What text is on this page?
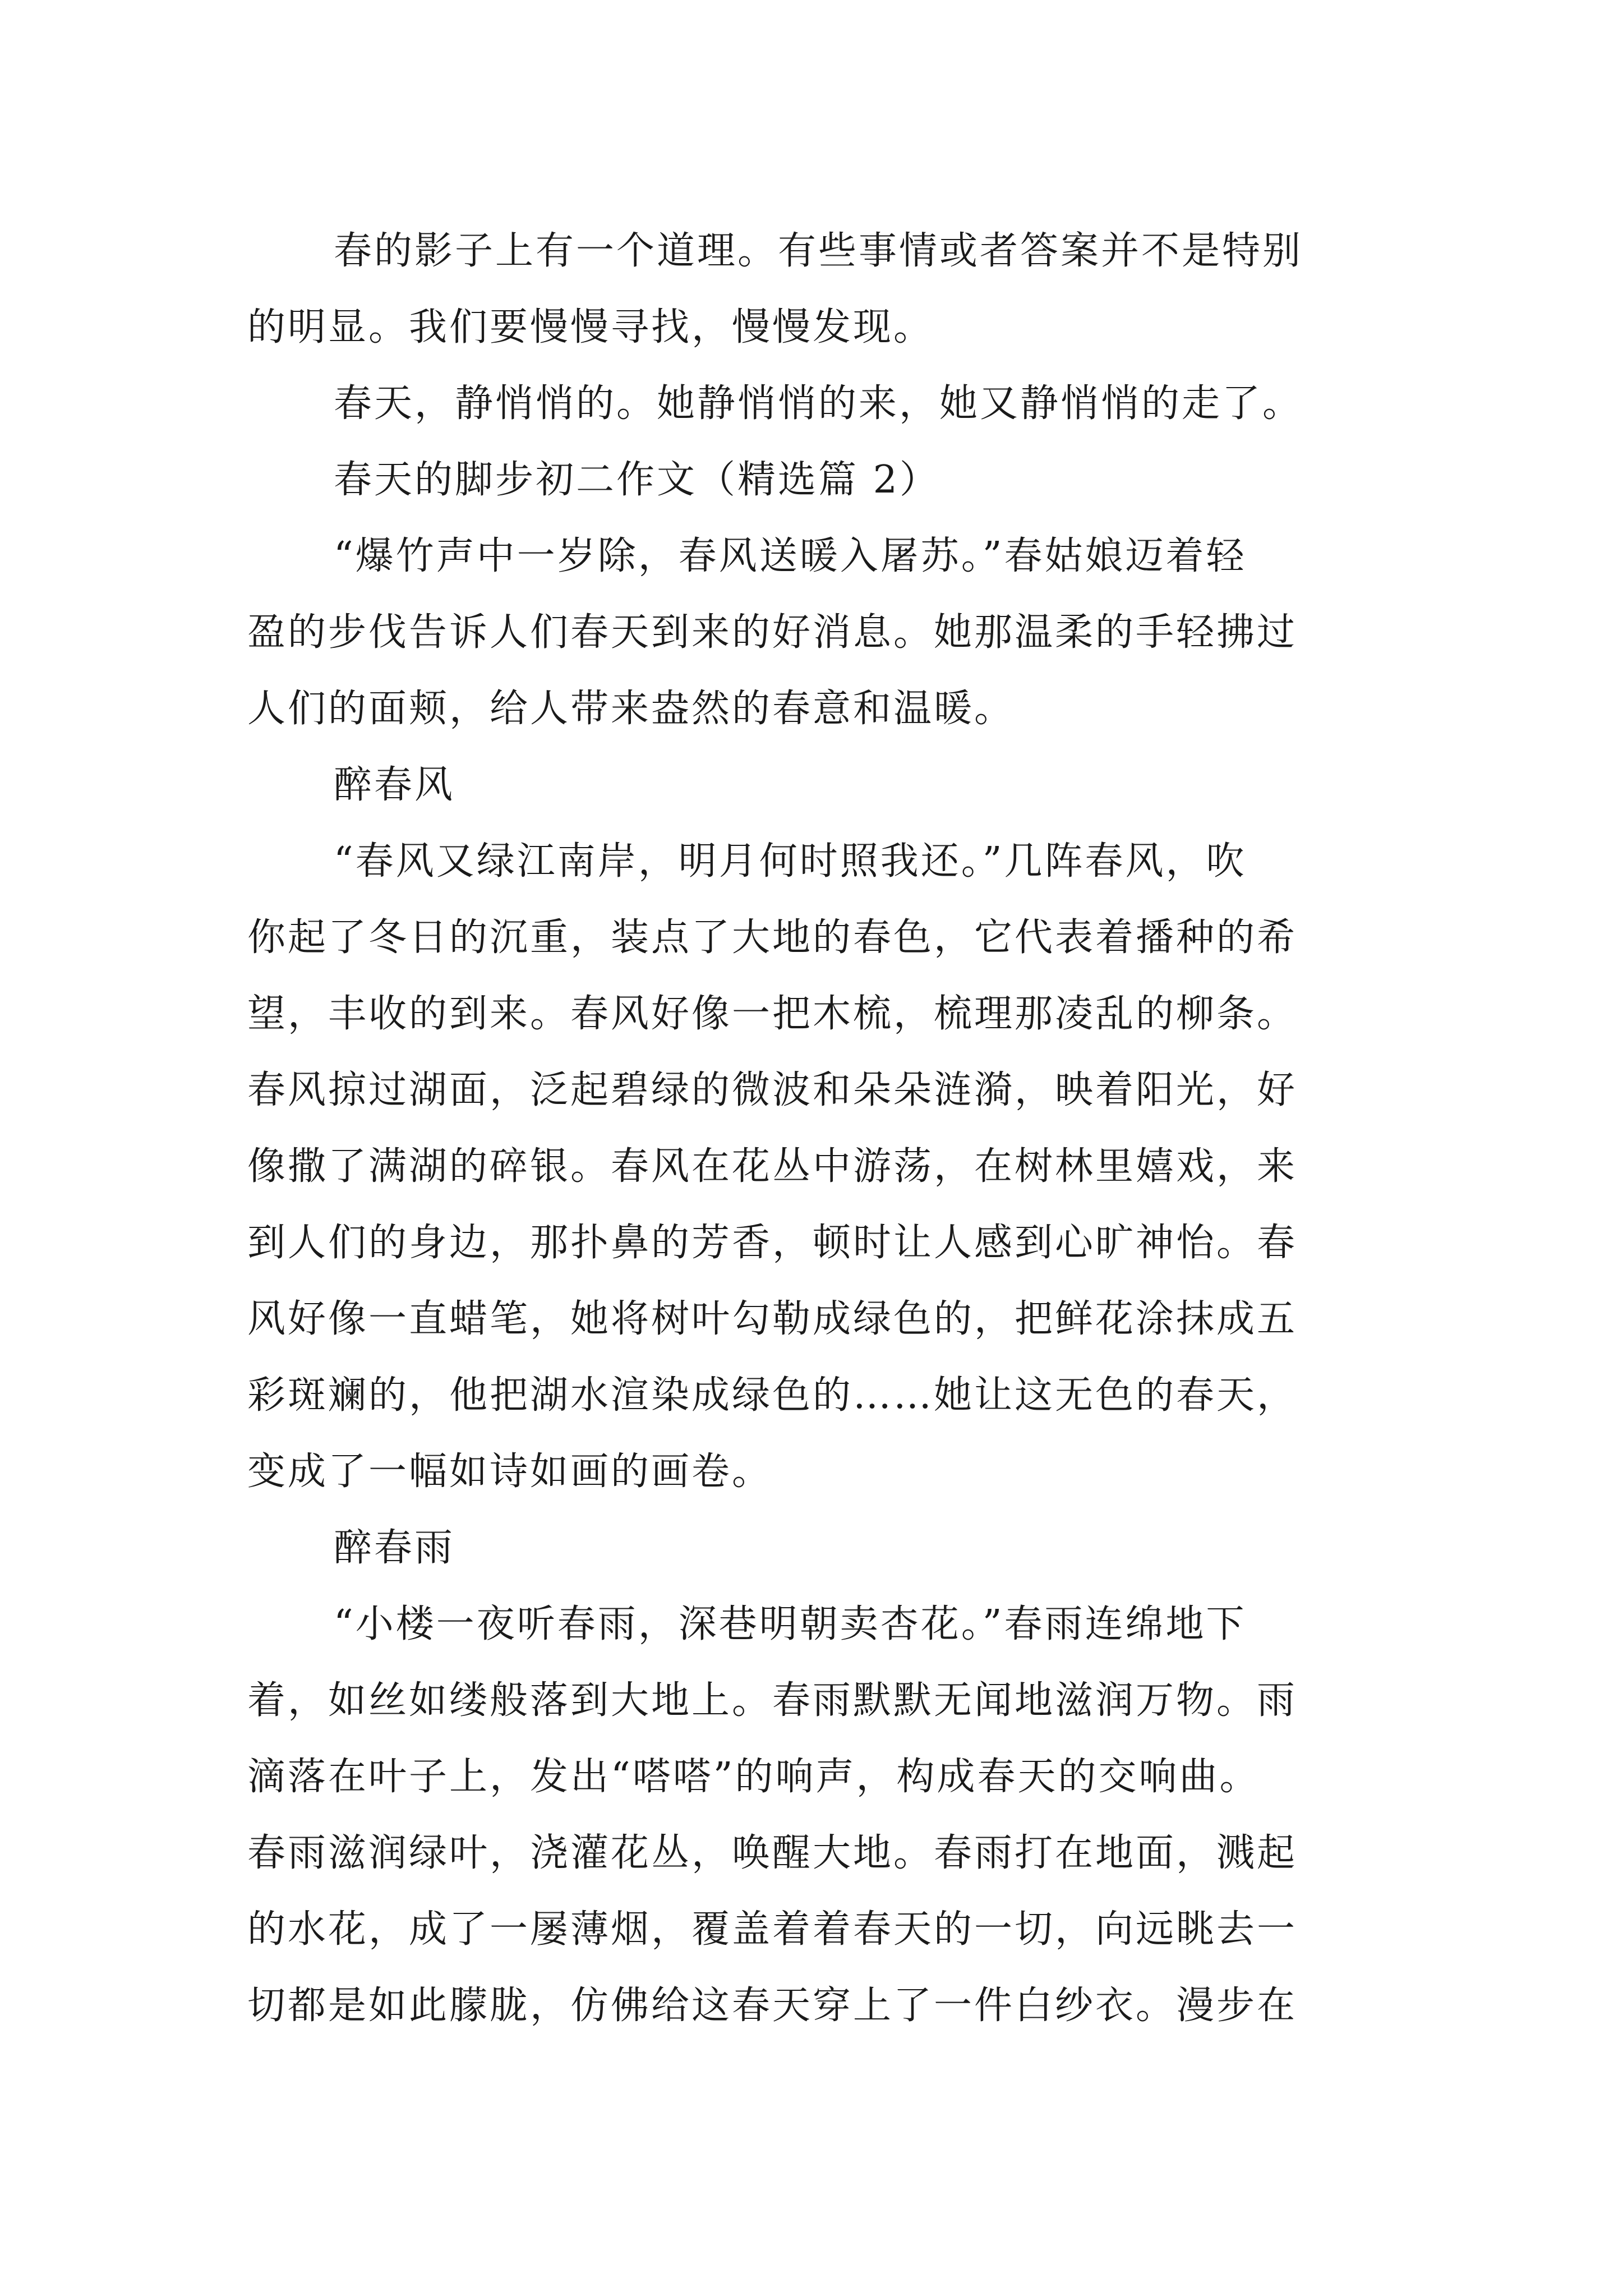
春的影子上有一个道理。有些事情或者答案并不是特别
的明显。我们要慢慢寻找，慢慢发现。
春天，静悄悄的。她静悄悄的来，她又静悄悄的走了。
春天的脚步初二作文（精选篇 2）
“爆竹声中一岁除，春风送暖入屠苏。”春姑娘迈着轻
盈的步伐告诉人们春天到来的好消息。她那温柔的手轻拂过
人们的面颊，给人带来盎然的春意和温暖。
醉春风
“春风又绿江南岸，明月何时照我还。”几阵春风，吹
你起了冬日的沉重，装点了大地的春色，它代表着播种的希
望，丰收的到来。春风好像一把木梳，梳理那凌乱的柳条。
春风掠过湖面，泛起碧绿的微波和朵朵涟漪，映着阳光，好
像撒了满湖的碎银。春风在花丛中游荡，在树林里嬉戏，来
到人们的身边，那扑鼻的芳香，顿时让人感到心旷神怡。春
风好像一直蜡笔，她将树叶勾勒成绿色的，把鲜花涂抹成五
彩斑斓的，他把湖水渲染成绿色的……她让这无色的春天，
变成了一幅如诗如画的画卷。
醉春雨
“小楼一夜听春雨，深巷明朝卖杏花。”春雨连绵地下
着，如丝如缕般落到大地上。春雨默默无闻地滋润万物。雨
滴落在叶子上，发出“嗒嗒”的响声，构成春天的交响曲。
春雨滋润绿叶，浇灌花丛，唤醒大地。春雨打在地面，溅起
的水花，成了一屡薄烟，覆盖着着春天的一切，向远眺去一
切都是如此朦胧，仿佛给这春天穿上了一件白纱衣。漫步在
